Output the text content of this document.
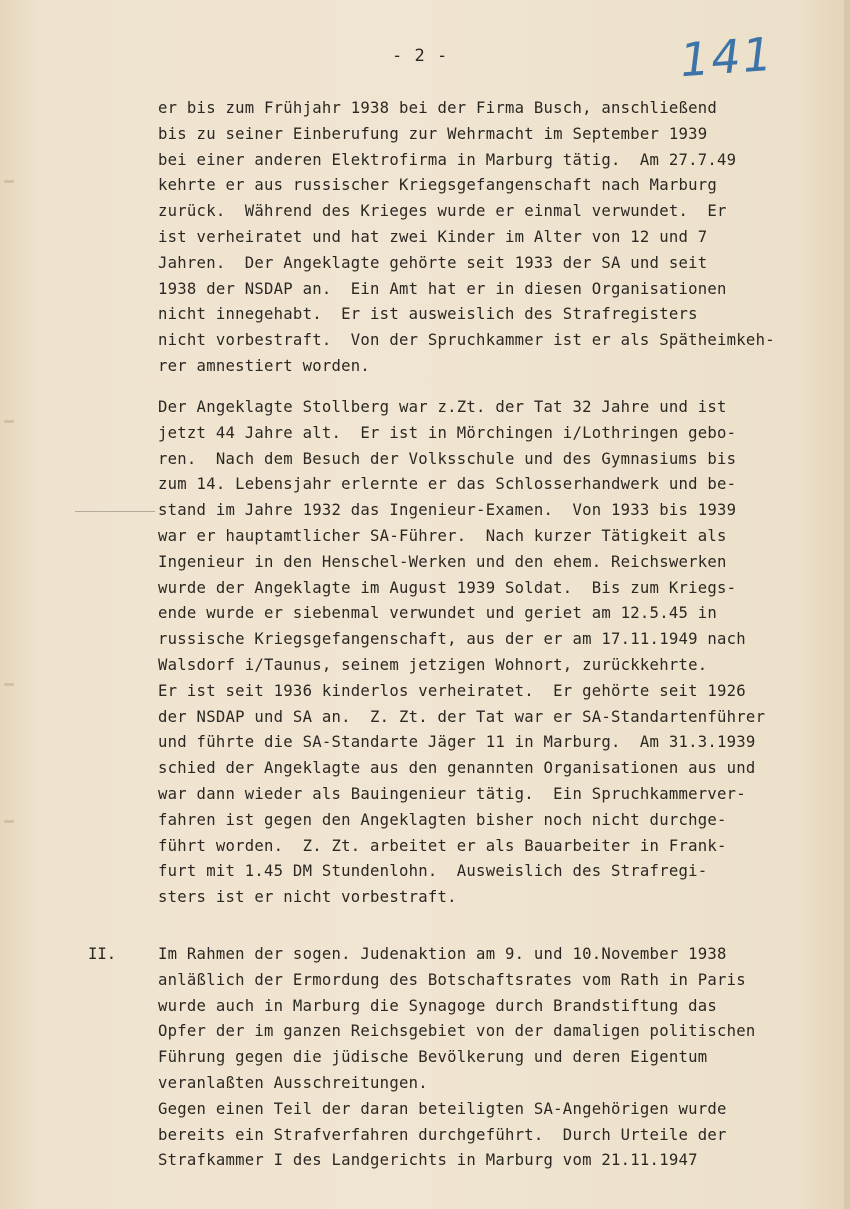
- 2 -	141
er bis zum Frühjahr 1938 bei der Firma Busch, anschließend
bis zu seiner Einberufung zur Wehrmacht im September 1939
bei einer anderen Elektrofirma in Marburg tätig.  Am 27.7.49
kehrte er aus russischer Kriegsgefangenschaft nach Marburg
zurück.  Während des Krieges wurde er einmal verwundet.  Er
ist verheiratet und hat zwei Kinder im Alter von 12 und 7
Jahren.  Der Angeklagte gehörte seit 1933 der SA und seit
1938 der NSDAP an.  Ein Amt hat er in diesen Organisationen
nicht innegehabt.  Er ist ausweislich des Strafregisters
nicht vorbestraft.  Von der Spruchkammer ist er als Spätheimkeh-
rer amnestiert worden.
Der Angeklagte Stollberg war z.Zt. der Tat 32 Jahre und ist
jetzt 44 Jahre alt.  Er ist in Mörchingen i/Lothringen gebo-
ren.  Nach dem Besuch der Volksschule und des Gymnasiums bis
zum 14. Lebensjahr erlernte er das Schlosserhandwerk und be-
stand im Jahre 1932 das Ingenieur-Examen.  Von 1933 bis 1939
war er hauptamtlicher SA-Führer.  Nach kurzer Tätigkeit als
Ingenieur in den Henschel-Werken und den ehem. Reichswerken
wurde der Angeklagte im August 1939 Soldat.  Bis zum Kriegs-
ende wurde er siebenmal verwundet und geriet am 12.5.45 in
russische Kriegsgefangenschaft, aus der er am 17.11.1949 nach
Walsdorf i/Taunus, seinem jetzigen Wohnort, zurückkehrte.
Er ist seit 1936 kinderlos verheiratet.  Er gehörte seit 1926
der NSDAP und SA an.  Z. Zt. der Tat war er SA-Standartenführer
und führte die SA-Standarte Jäger 11 in Marburg.  Am 31.3.1939
schied der Angeklagte aus den genannten Organisationen aus und
war dann wieder als Bauingenieur tätig.  Ein Spruchkammerver-
fahren ist gegen den Angeklagten bisher noch nicht durchge-
führt worden.  Z. Zt. arbeitet er als Bauarbeiter in Frank-
furt mit 1.45 DM Stundenlohn.  Ausweislich des Strafregi-
sters ist er nicht vorbestraft.
II.	Im Rahmen der sogen. Judenaktion am 9. und 10.November 1938
anläßlich der Ermordung des Botschaftsrates vom Rath in Paris
wurde auch in Marburg die Synagoge durch Brandstiftung das
Opfer der im ganzen Reichsgebiet von der damaligen politischen
Führung gegen die jüdische Bevölkerung und deren Eigentum
veranlaßten Ausschreitungen.
Gegen einen Teil der daran beteiligten SA-Angehörigen wurde
bereits ein Strafverfahren durchgeführt.  Durch Urteile der
Strafkammer I des Landgerichts in Marburg vom 21.11.1947
